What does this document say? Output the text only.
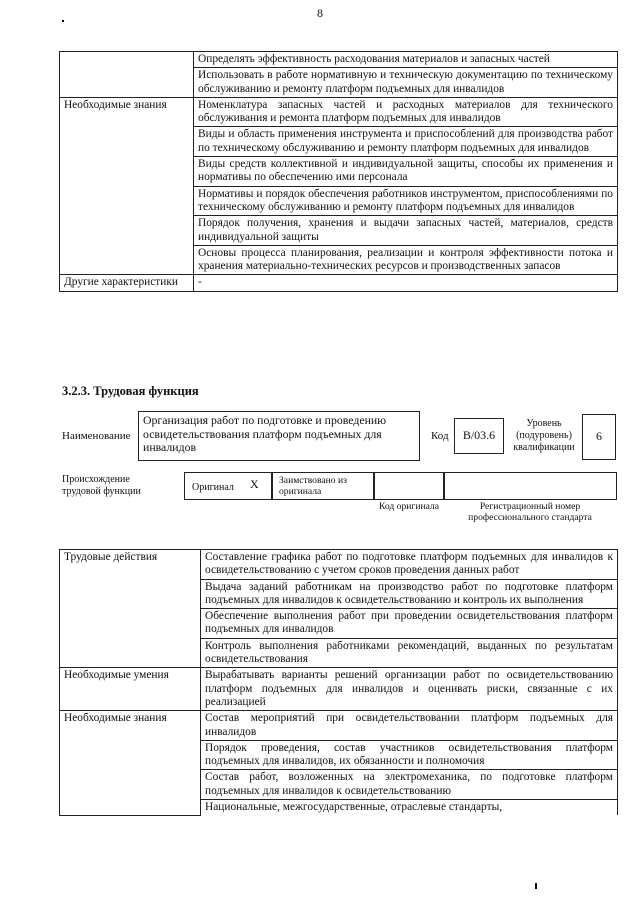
8
	Определять эффективность расходования материалов и запасных частей
	Использовать в работе нормативную и техническую документацию по техническому обслуживанию и ремонту платформ подъемных для инвалидов
Необходимые знания	Номенклатура запасных частей и расходных материалов для технического обслуживания и ремонта платформ подъемных для инвалидов
	Виды и область применения инструмента и приспособлений для производства работ по техническому обслуживанию и ремонту платформ подъемных для инвалидов
	Виды средств коллективной и индивидуальной защиты, способы их применения и нормативы по обеспечению ими персонала
	Нормативы и порядок обеспечения работников инструментом, приспособлениями по техническому обслуживанию и ремонту платформ подъемных для инвалидов
	Порядок получения, хранения и выдачи запасных частей, материалов, средств индивидуальной защиты
	Основы процесса планирования, реализации и контроля эффективности потока и хранения материально-технических ресурсов и производственных запасов
Другие характеристики	-
3.2.3. Трудовая функция
Наименование
Организация работ по подготовке и проведению освидетельствования платформ подъемных для инвалидов
Код	B/03.6
Уровень (подуровень) квалификации
6
Происхождение трудовой функции	Оригинал X	Заимствовано из оригинала
Код оригинала	Регистрационный номер профессионального стандарта
Трудовые действия	Составление графика работ по подготовке платформ подъемных для инвалидов к освидетельствованию с учетом сроков проведения данных работ
	Выдача заданий работникам на производство работ по подготовке платформ подъемных для инвалидов к освидетельствованию и контроль их выполнения
	Обеспечение выполнения работ при проведении освидетельствования платформ подъемных для инвалидов
	Контроль выполнения работниками рекомендаций, выданных по результатам освидетельствования
Необходимые умения	Вырабатывать варианты решений организации работ по освидетельствованию платформ подъемных для инвалидов и оценивать риски, связанные с их реализацией
Необходимые знания	Состав мероприятий при освидетельствовании платформ подъемных для инвалидов
	Порядок проведения, состав участников освидетельствования платформ подъемных для инвалидов, их обязанности и полномочия
	Состав работ, возложенных на электромеханика, по подготовке платформ подъемных для инвалидов к освидетельствованию
	Национальные, межгосударственные, отраслевые стандарты,
